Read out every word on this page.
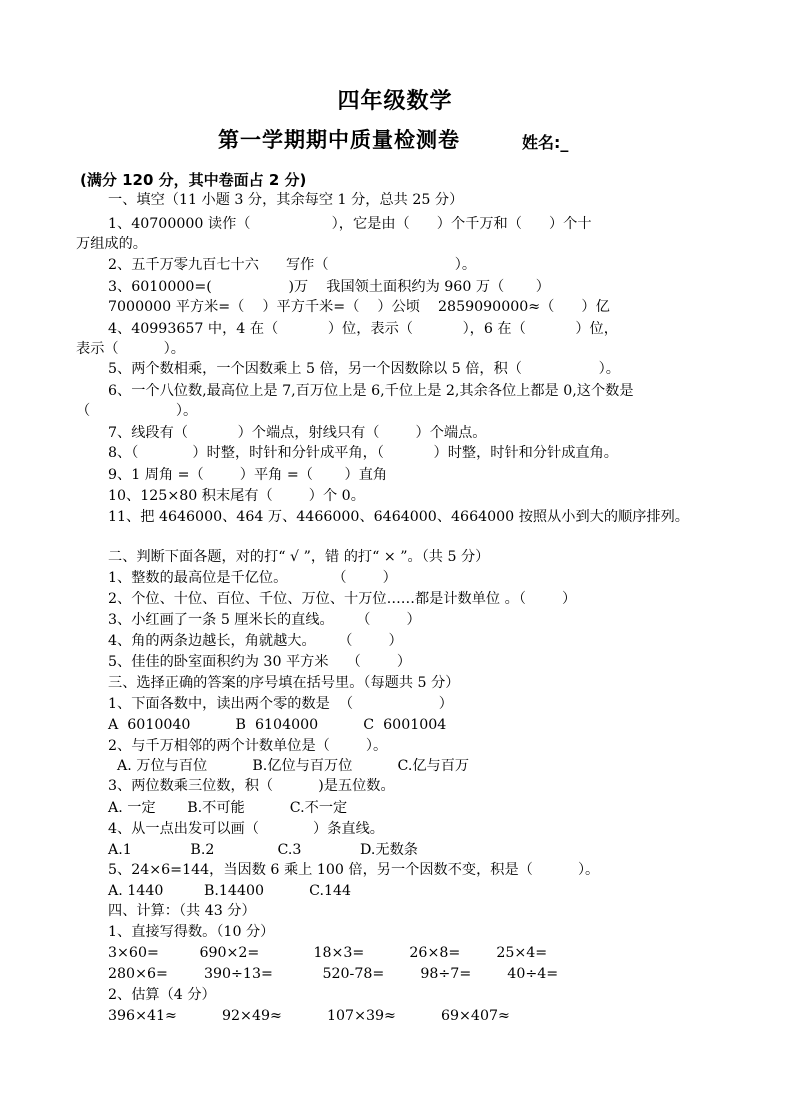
四年级数学
第一学期期中质量检测卷	姓名:_
(满分 120 分，其中卷面占 2 分)
一、填空（11 小题 3 分，其余每空 1 分，总共 25 分）
1、40700000 读作（                  ），它是由（      ）个千万和（      ）个十
万组成的。
2、五千万零九百七十六      写作（                            ）。
3、6010000=(                 )万    我国领土面积约为 960 万（       ）
7000000 平方米=（    ）平方千米=（    ）公顷    2859090000≈（      ）亿
4、40993657 中，4 在（           ）位，表示（           ），6 在（           ）位，
表示（          ）。
5、两个数相乘，一个因数乘上 5 倍，另一个因数除以 5 倍，积（                 ）。
6、一个八位数,最高位上是 7,百万位上是 6,千位上是 2,其余各位上都是 0,这个数是
（                   ）。
7、线段有（           ）个端点，射线只有（        ）个端点。
8、（            ）时整，时针和分针成平角，（           ）时整，时针和分针成直角。
9、1 周角 =（        ）平角 =（       ）直角
10、125×80 积末尾有（        ）个 0。
11、把 4646000、464 万、4466000、6464000、4664000 按照从小到大的顺序排列。
二、判断下面各题，对的打“ √ ”，错 的打“ × ”。（共 5 分）
1、整数的最高位是千亿位。          （        ）
2、个位、十位、百位、千位、万位、十万位……都是计数单位 。（        ）
3、小红画了一条 5 厘米长的直线。     （        ）
4、角的两条边越长，角就越大。     （        ）
5、佳佳的卧室面积约为 30 平方米    （        ）
三、选择正确的答案的序号填在括号里。（每题共 5 分）
1、下面各数中，读出两个零的数是  （                   ）
A  6010040          B  6104000          C  6001004
2、与千万相邻的两个计数单位是（        ）。
A. 万位与百位          B.亿位与百万位          C.亿与百万
3、两位数乘三位数，积（          )是五位数。
A. 一定       B.不可能          C.不一定
4、从一点出发可以画（            ）条直线。
A.1             B.2              C.3             D.无数条
5、24×6=144，当因数 6 乘上 100 倍，另一个因数不变，积是（          ）。
A. 1440         B.14400          C.144
四、计算：（共 43 分）
1、直接写得数。（10 分）
3×60=         690×2=            18×3=          26×8=        25×4=
280×6=        390÷13=           520-78=        98÷7=        40÷4=
2、估算（4 分）
396×41≈          92×49≈          107×39≈          69×407≈
